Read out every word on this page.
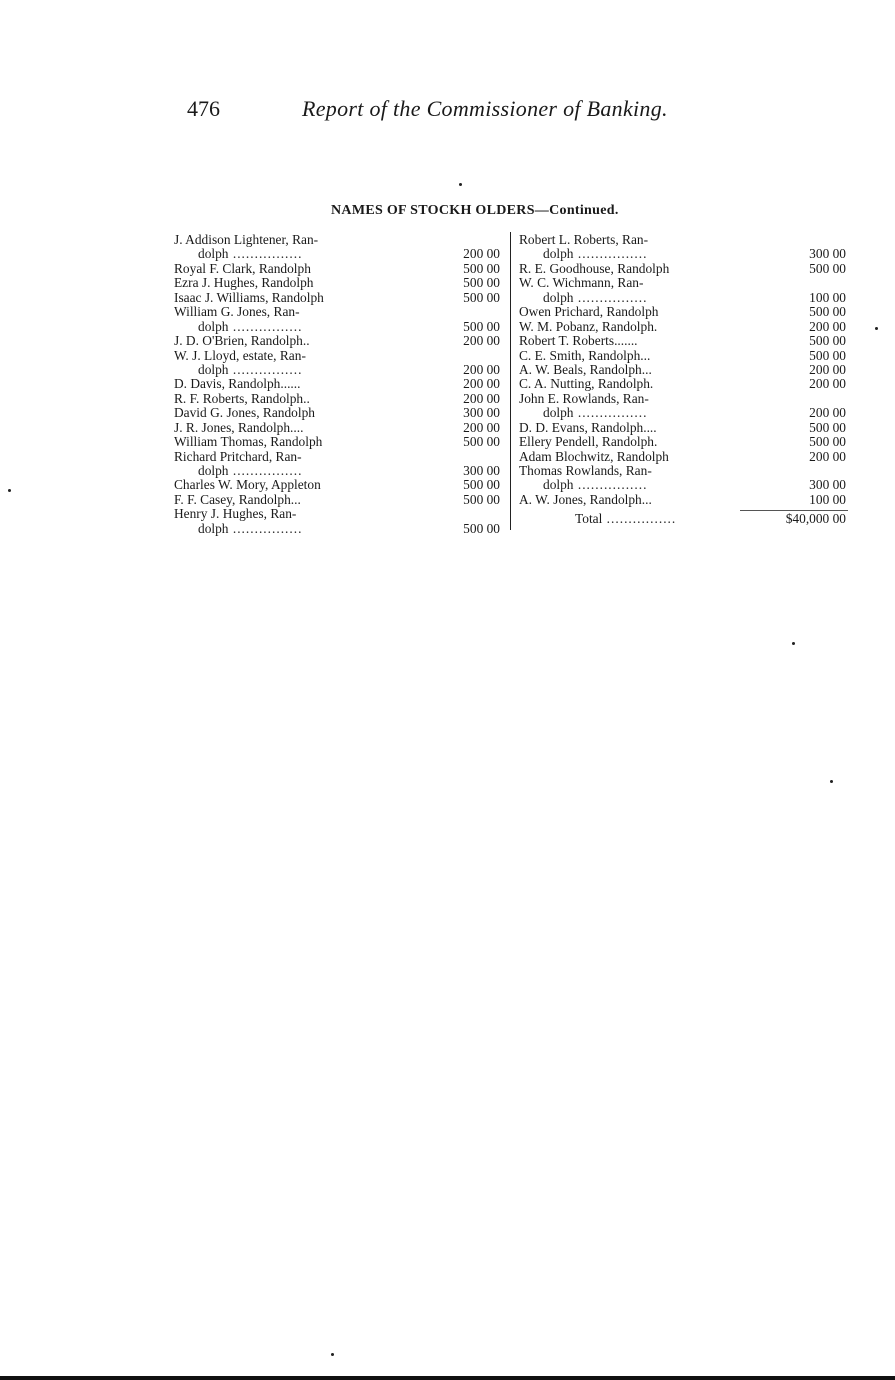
476	Report of the Commissioner of Banking.
NAMES OF STOCKH OLDERS—Continued.
J. Addison Lightener, Ran-
dolph ................	200 00
Royal F. Clark, Randolph	500 00
Ezra J. Hughes, Randolph	500 00
Isaac J. Williams, Randolph	500 00
William G. Jones, Ran-
dolph ................	500 00
J. D. O'Brien, Randolph..	200 00
W. J. Lloyd, estate, Ran-
dolph ................	200 00
D. Davis, Randolph......	200 00
R. F. Roberts, Randolph..	200 00
David G. Jones, Randolph	300 00
J. R. Jones, Randolph....	200 00
William Thomas, Randolph	500 00
Richard Pritchard, Ran-
dolph ................	300 00
Charles W. Mory, Appleton	500 00
F. F. Casey, Randolph...	500 00
Henry J. Hughes, Ran-
dolph ................	500 00
Robert L. Roberts, Ran-
dolph ................	300 00
R. E. Goodhouse, Randolph	500 00
W. C. Wichmann, Ran-
dolph ................	100 00
Owen Prichard, Randolph	500 00
W. M. Pobanz, Randolph.	200 00
Robert T. Roberts.......	500 00
C. E. Smith, Randolph...	500 00
A. W. Beals, Randolph...	200 00
C. A. Nutting, Randolph.	200 00
John E. Rowlands, Ran-
dolph ................	200 00
D. D. Evans, Randolph....	500 00
Ellery Pendell, Randolph.	500 00
Adam Blochwitz, Randolph	200 00
Thomas Rowlands, Ran-
dolph ................	300 00
A. W. Jones, Randolph...	100 00
Total ................	$40,000 00
